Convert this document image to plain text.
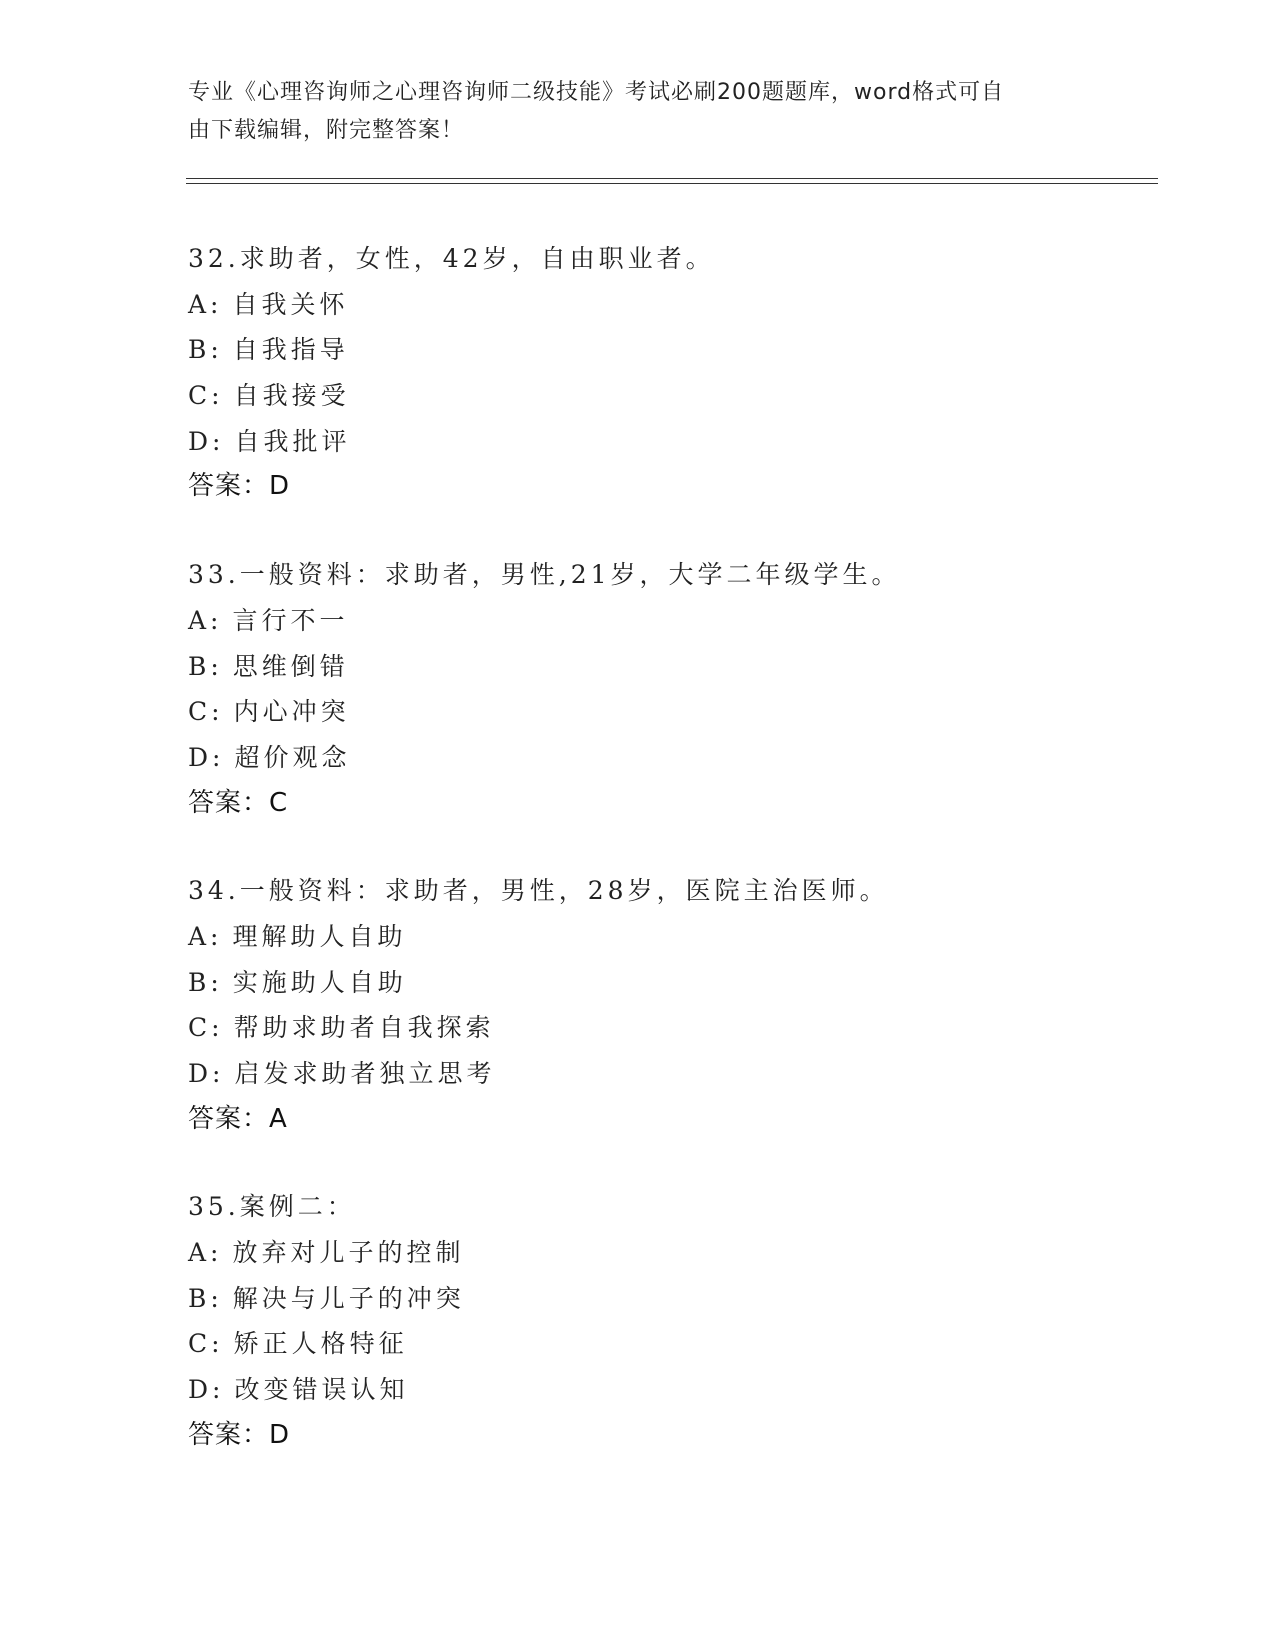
专业《心理咨询师之心理咨询师二级技能》考试必刷200题题库，word格式可自
由下载编辑，附完整答案！
32.求助者，女性，42岁，自由职业者。
A: 自我关怀
B: 自我指导
C: 自我接受
D: 自我批评
答案：D
33.一般资料：求助者，男性,21岁，大学二年级学生。
A: 言行不一
B: 思维倒错
C: 内心冲突
D: 超价观念
答案：C
34.一般资料：求助者，男性，28岁，医院主治医师。
A: 理解助人自助
B: 实施助人自助
C: 帮助求助者自我探索
D: 启发求助者独立思考
答案：A
35.案例二：
A: 放弃对儿子的控制
B: 解决与儿子的冲突
C: 矫正人格特征
D: 改变错误认知
答案：D
